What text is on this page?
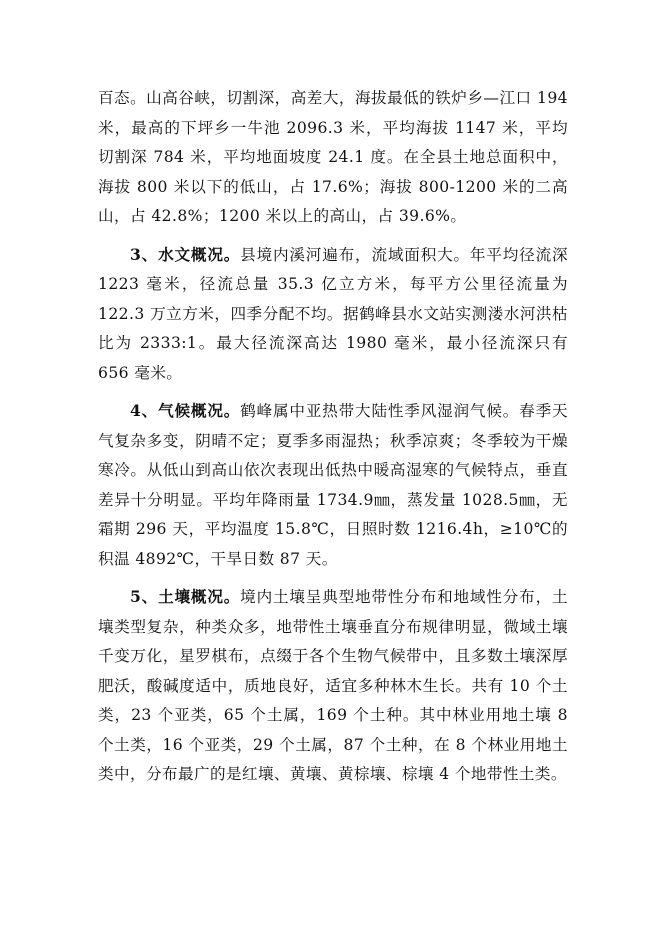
百态。山高谷峡，切割深，高差大，海拔最低的铁炉乡—江口 194 米，最高的下坪乡一牛池 2096.3 米，平均海拔 1147 米，平均切割深 784 米，平均地面坡度 24.1 度。在全县土地总面积中，海拔 800 米以下的低山，占 17.6%；海拔 800-1200 米的二高山，占 42.8%；1200 米以上的高山，占 39.6%。

3、水文概况。县境内溪河遍布，流域面积大。年平均径流深 1223 毫米，径流总量 35.3 亿立方米，每平方公里径流量为 122.3 万立方米，四季分配不均。据鹤峰县水文站实测溇水河洪枯比为 2333:1。最大径流深高达 1980 毫米，最小径流深只有 656 毫米。

4、气候概况。鹤峰属中亚热带大陆性季风湿润气候。春季天气复杂多变，阴晴不定；夏季多雨湿热；秋季凉爽；冬季较为干燥寒冷。从低山到高山依次表现出低热中暖高湿寒的气候特点，垂直差异十分明显。平均年降雨量 1734.9㎜，蒸发量 1028.5㎜，无霜期 296 天，平均温度 15.8℃，日照时数 1216.4h，≥10℃的积温 4892℃，干旱日数 87 天。

5、土壤概况。境内土壤呈典型地带性分布和地域性分布，土壤类型复杂，种类众多，地带性土壤垂直分布规律明显，微域土壤千变万化，星罗棋布，点缀于各个生物气候带中，且多数土壤深厚肥沃，酸碱度适中，质地良好，适宜多种林木生长。共有 10 个土类，23 个亚类，65 个土属，169 个土种。其中林业用地土壤 8 个土类，16 个亚类，29 个土属，87 个土种，在 8 个林业用地土类中，分布最广的是红壤、黄壤、黄棕壤、棕壤 4 个地带性土类。
